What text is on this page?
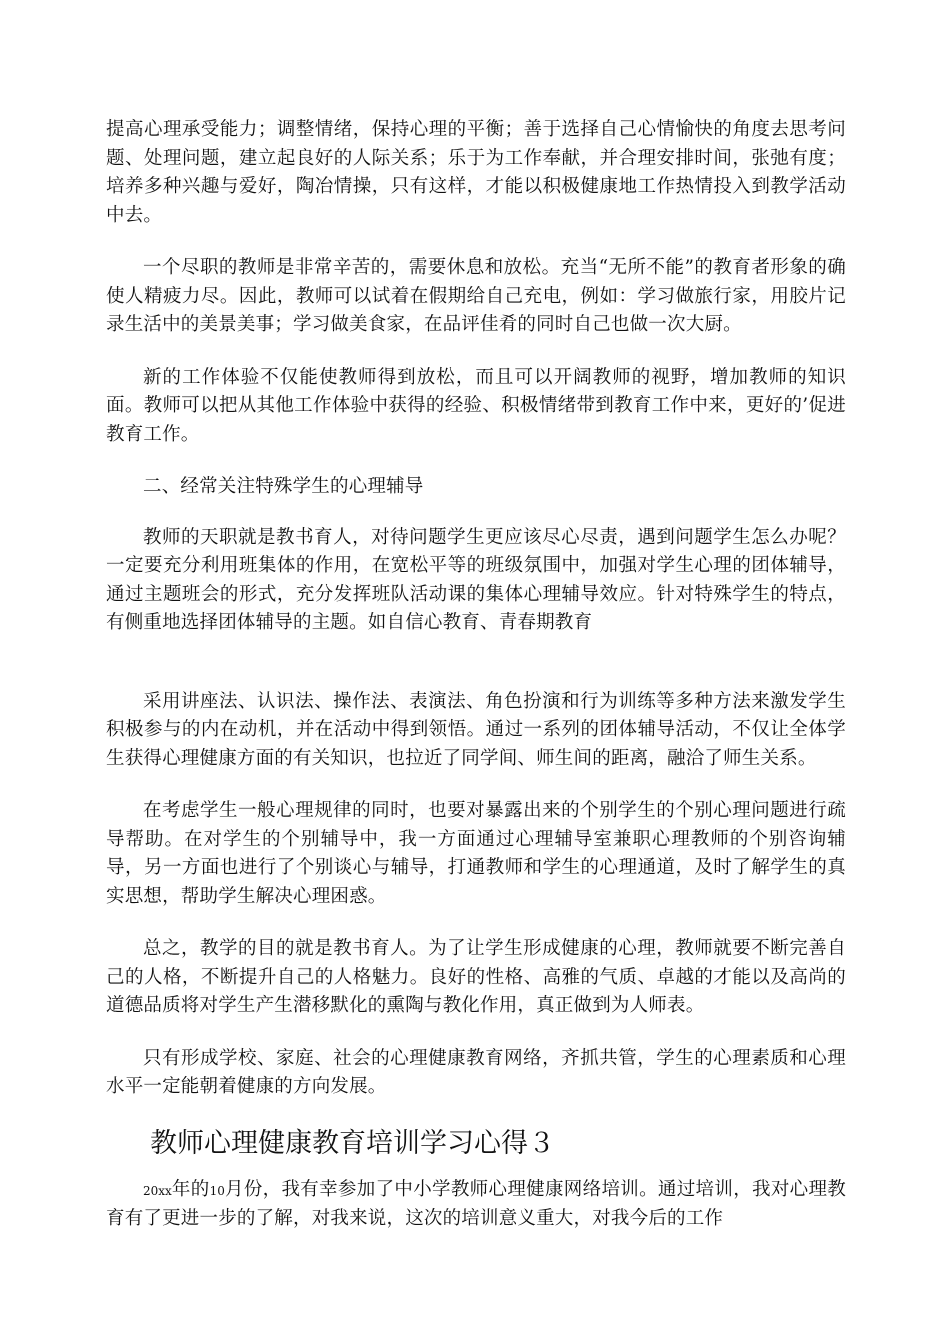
提高心理承受能力；调整情绪，保持心理的平衡；善于选择自己心情愉快的角度去思考问题、处理问题，建立起良好的人际关系；乐于为工作奉献，并合理安排时间，张弛有度；培养多种兴趣与爱好，陶冶情操，只有这样，才能以积极健康地工作热情投入到教学活动中去。

一个尽职的教师是非常辛苦的，需要休息和放松。充当“无所不能”的教育者形象的确使人精疲力尽。因此，教师可以试着在假期给自己充电，例如：学习做旅行家，用胶片记录生活中的美景美事；学习做美食家，在品评佳肴的同时自己也做一次大厨。

新的工作体验不仅能使教师得到放松，而且可以开阔教师的视野，增加教师的知识面。教师可以把从其他工作体验中获得的经验、积极情绪带到教育工作中来，更好的’促进教育工作。

二、经常关注特殊学生的心理辅导

教师的天职就是教书育人，对待问题学生更应该尽心尽责，遇到问题学生怎么办呢？一定要充分利用班集体的作用，在宽松平等的班级氛围中，加强对学生心理的团体辅导，通过主题班会的形式，充分发挥班队活动课的集体心理辅导效应。针对特殊学生的特点，有侧重地选择团体辅导的主题。如自信心教育、青春期教育

采用讲座法、认识法、操作法、表演法、角色扮演和行为训练等多种方法来激发学生积极参与的内在动机，并在活动中得到领悟。通过一系列的团体辅导活动，不仅让全体学生获得心理健康方面的有关知识，也拉近了同学间、师生间的距离，融洽了师生关系。

在考虑学生一般心理规律的同时，也要对暴露出来的个别学生的个别心理问题进行疏导帮助。在对学生的个别辅导中，我一方面通过心理辅导室兼职心理教师的个别咨询辅导，另一方面也进行了个别谈心与辅导，打通教师和学生的心理通道，及时了解学生的真实思想，帮助学生解决心理困惑。

总之，教学的目的就是教书育人。为了让学生形成健康的心理，教师就要不断完善自己的人格，不断提升自己的人格魅力。良好的性格、高雅的气质、卓越的才能以及高尚的道德品质将对学生产生潜移默化的熏陶与教化作用，真正做到为人师表。

只有形成学校、家庭、社会的心理健康教育网络，齐抓共管，学生的心理素质和心理水平一定能朝着健康的方向发展。

教师心理健康教育培训学习心得３

20xx年的10月份，我有幸参加了中小学教师心理健康网络培训。通过培训，我对心理教育有了更进一步的了解，对我来说，这次的培训意义重大，对我今后的工作
